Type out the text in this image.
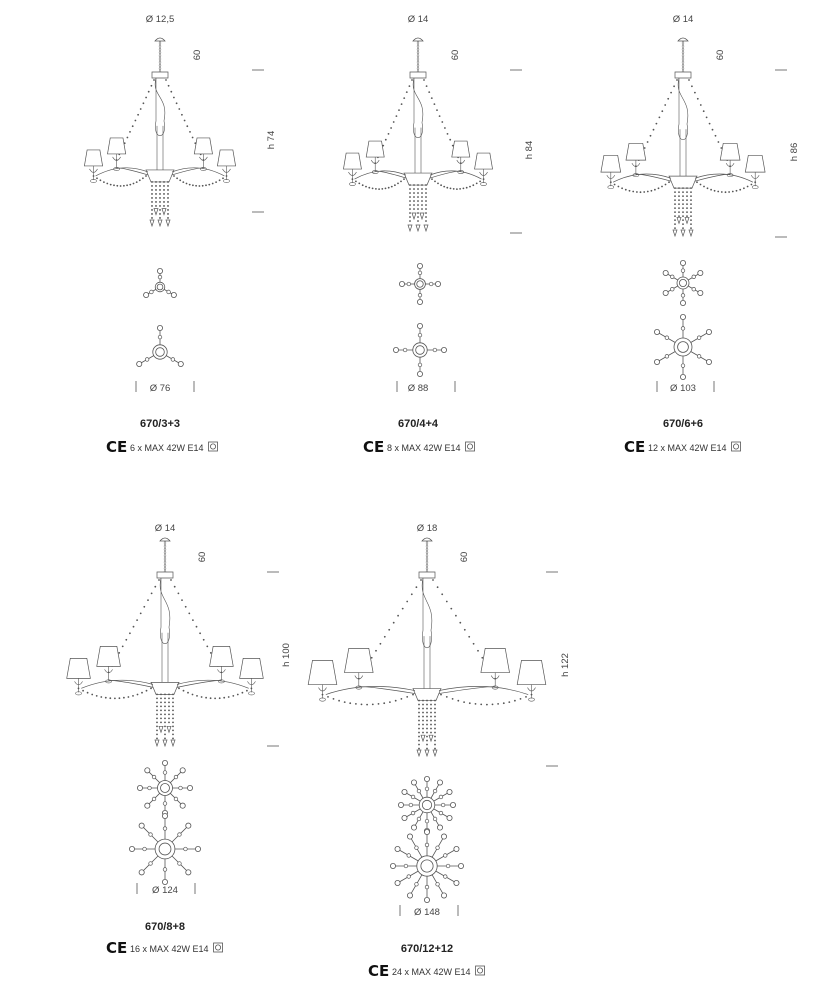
Ø 12,5
60
h 74
Ø 76
670/3+3
CE 6 x MAX 42W E14
Ø 14
60
h 84
Ø 88
670/4+4
CE 8 x MAX 42W E14
Ø 14
60
h 86
Ø 103
670/6+6
CE 12 x MAX 42W E14
Ø 14
60
h 100
Ø 124
670/8+8
CE 16 x MAX 42W E14
Ø 18
60
h 122
Ø 148
670/12+12
CE 24 x MAX 42W E14
